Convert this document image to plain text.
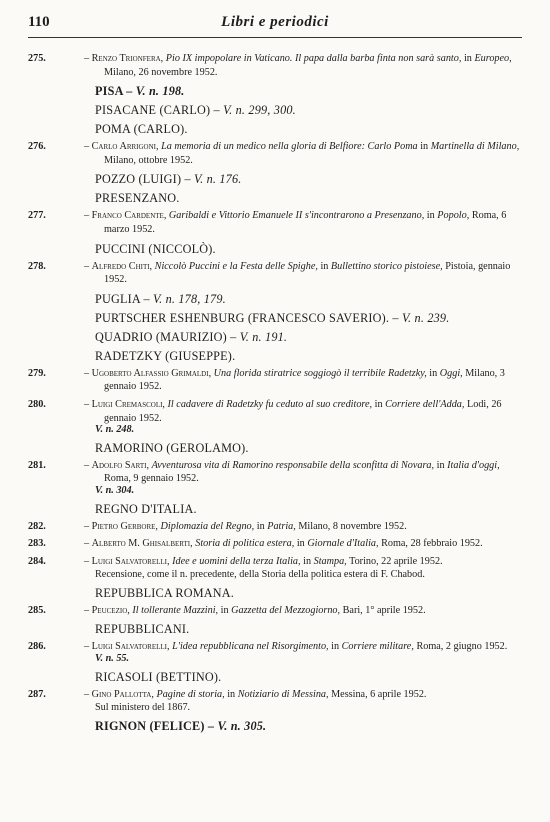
110	Libri e periodici
275.	– Renzo Trionfera, Pio IX impopolare in Vaticano. Il papa dalla barba finta non sarà santo, in Europeo, Milano, 26 novembre 1952.
PISA – V. n. 198.
PISACANE (CARLO) – V. n. 299, 300.
POMA (CARLO).
276.	– Carlo Arrigoni, La memoria di un medico nella gloria di Belfiore: Carlo Poma in Martinella di Milano, Milano, ottobre 1952.
POZZO (LUIGI) – V. n. 176.
PRESENZANO.
277.	– Franco Cardente, Garibaldi e Vittorio Emanuele II s'incontrarono a Presenzano, in Popolo, Roma, 6 marzo 1952.
PUCCINI (NICCOLÒ).
278.	– Alfredo Chiti, Niccolò Puccini e la Festa delle Spighe, in Bullettino storico pistoiese, Pistoia, gennaio 1952.
PUGLIA – V. n. 178, 179.
PURTSCHER ESHENBURG (FRANCESCO SAVERIO). – V. n. 239.
QUADRIO (MAURIZIO) – V. n. 191.
RADETZKY (GIUSEPPE).
279.	– Ugoberto Alfassio Grimaldi, Una florida stiratrice soggiogò il terribile Radetzky, in Oggi, Milano, 3 gennaio 1952.
280.	– Luigi Cremascoli, Il cadavere di Radetzky fu ceduto al suo creditore, in Corriere dell'Adda, Lodi, 26 gennaio 1952.
V. n. 248.
RAMORINO (GEROLAMO).
281.	– Adolfo Sarti, Avventurosa vita di Ramorino responsabile della sconfitta di Novara, in Italia d'oggi, Roma, 9 gennaio 1952.
V. n. 304.
REGNO D'ITALIA.
282.	– Pietro Gerbore, Diplomazia del Regno, in Patria, Milano, 8 novembre 1952.
283.	– Alberto M. Ghisalberti, Storia di politica estera, in Giornale d'Italia, Roma, 28 febbraio 1952.
284.	– Luigi Salvatorelli, Idee e uomini della terza Italia, in Stampa, Torino, 22 aprile 1952.
Recensione, come il n. precedente, della Storia della politica estera di F. Chabod.
REPUBBLICA ROMANA.
285.	– Peucezio, Il tollerante Mazzini, in Gazzetta del Mezzogiorno, Bari, 1° aprile 1952.
REPUBBLICANI.
286.	– Luigi Salvatorelli, L'idea repubblicana nel Risorgimento, in Corriere militare, Roma, 2 giugno 1952.
V. n. 55.
RICASOLI (BETTINO).
287.	– Gino Pallotta, Pagine di storia, in Notiziario di Messina, Messina, 6 aprile 1952.
Sul ministero del 1867.
RIGNON (FELICE) – V. n. 305.
